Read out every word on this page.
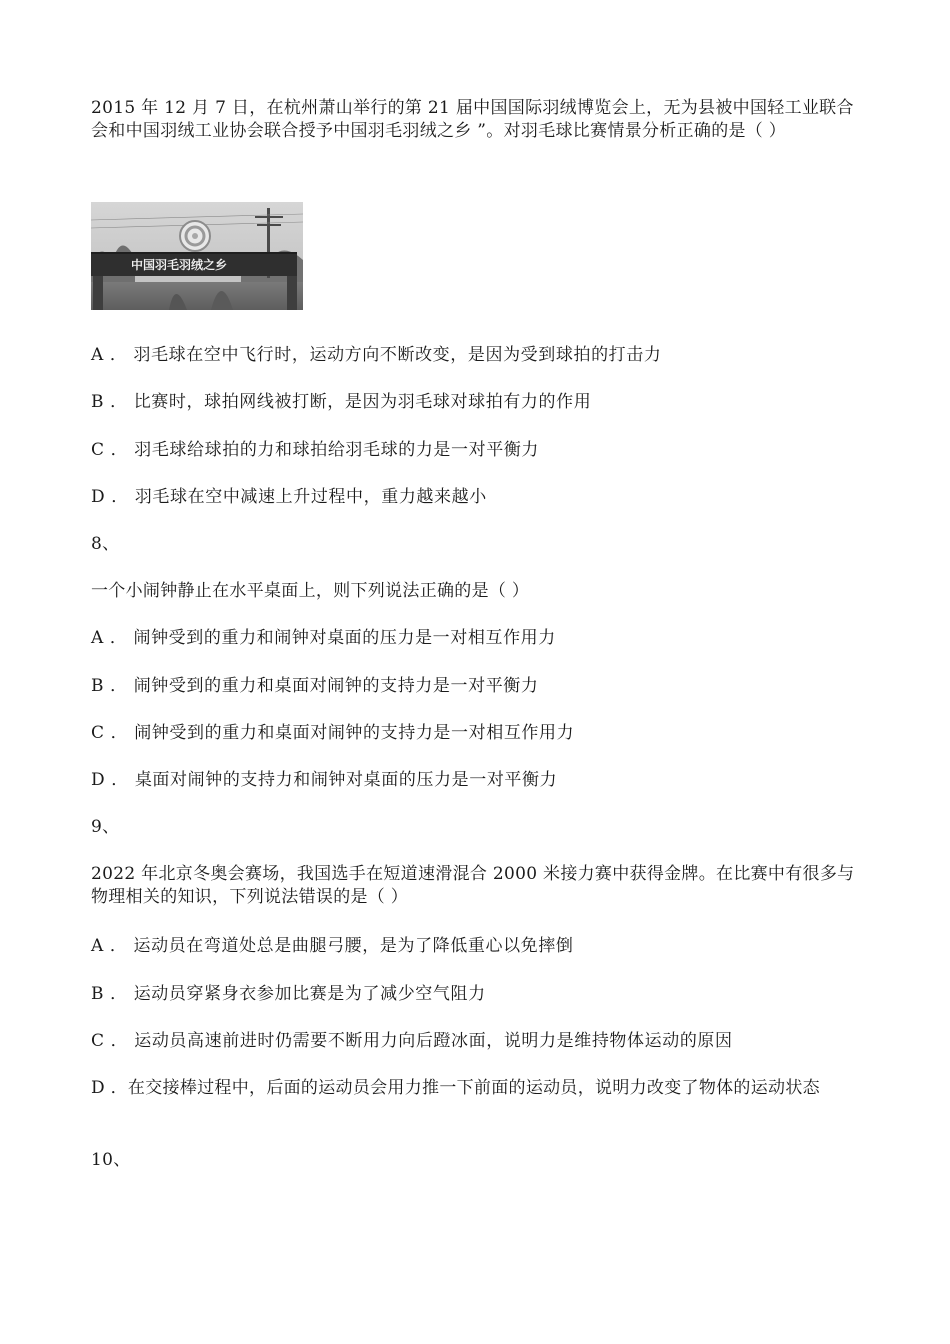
2015 年 12 月 7 日，在杭州萧山举行的第 21 届中国国际羽绒博览会上，无为县被中国轻工业联合会和中国羽绒工业协会联合授予中国羽毛羽绒之乡 ”。对羽毛球比赛情景分析正确的是（ ）
中国羽毛羽绒之乡
A ． 羽毛球在空中飞行时，运动方向不断改变，是因为受到球拍的打击力
B ． 比赛时，球拍网线被打断，是因为羽毛球对球拍有力的作用
C ． 羽毛球给球拍的力和球拍给羽毛球的力是一对平衡力
D ． 羽毛球在空中减速上升过程中，重力越来越小
8、
一个小闹钟静止在水平桌面上，则下列说法正确的是（ ）
A ． 闹钟受到的重力和闹钟对桌面的压力是一对相互作用力
B ． 闹钟受到的重力和桌面对闹钟的支持力是一对平衡力
C ． 闹钟受到的重力和桌面对闹钟的支持力是一对相互作用力
D ． 桌面对闹钟的支持力和闹钟对桌面的压力是一对平衡力
9、
2022 年北京冬奥会赛场，我国选手在短道速滑混合 2000 米接力赛中获得金牌。在比赛中有很多与物理相关的知识，下列说法错误的是（ ）
A ． 运动员在弯道处总是曲腿弓腰，是为了降低重心以免摔倒
B ． 运动员穿紧身衣参加比赛是为了减少空气阻力
C ． 运动员高速前进时仍需要不断用力向后蹬冰面，说明力是维持物体运动的原因
D ．在交接棒过程中，后面的运动员会用力推一下前面的运动员，说明力改变了物体的运动状态
10、
